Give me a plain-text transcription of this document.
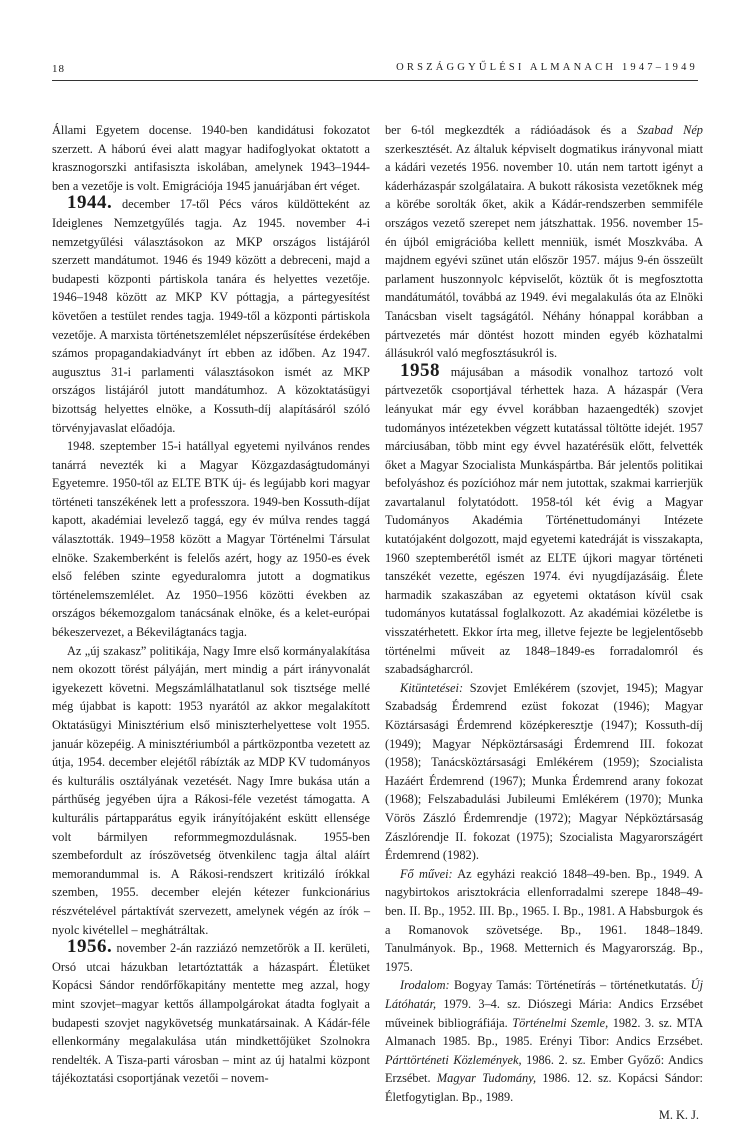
18	ORSZÁGGYŰLÉSI ALMANACH 1947–1949

Állami Egyetem docense. 1940-ben kandidátusi fokozatot szerzett. A háború évei alatt magyar hadifoglyokat oktatott a krasznogorszki antifasiszta iskolában, amelynek 1943–1944-ben a vezetője is volt. Emigrációja 1945 januárjában ért véget.

1944. december 17-től Pécs város küldötteként az Ideiglenes Nemzetgyűlés tagja. Az 1945. november 4-i nemzetgyűlési választásokon az MKP országos listájáról szerzett mandátumot. 1946 és 1949 között a debreceni, majd a budapesti központi pártiskola tanára és helyettes vezetője. 1946–1948 között az MKP KV póttagja, a pártegyesítést követően a testület rendes tagja. 1949-től a központi pártiskola vezetője. A marxista történetszemlélet népszerűsítése érdekében számos propagandakiadványt írt ebben az időben. Az 1947. augusztus 31-i parlamenti választásokon ismét az MKP országos listájáról jutott mandátumhoz. A közoktatásügyi bizottság helyettes elnöke, a Kossuth-díj alapításáról szóló törvényjavaslat előadója.

1948. szeptember 15-i hatállyal egyetemi nyilvános rendes tanárrá nevezték ki a Magyar Közgazdaságtudományi Egyetemre. 1950-től az ELTE BTK új- és legújabb kori magyar történeti tanszékének lett a professzora. 1949-ben Kossuth-díjat kapott, akadémiai levelező taggá, egy év múlva rendes taggá választották. 1949–1958 között a Magyar Történelmi Társulat elnöke. Szakemberként is felelős azért, hogy az 1950-es évek első felében szinte egyeduralomra jutott a dogmatikus történelemszemlélet. Az 1950–1956 közötti években az országos békemozgalom tanácsának elnöke, és a kelet-európai békeszervezet, a Békevilágtanács tagja.

Az „új szakasz” politikája, Nagy Imre első kormányalakítása nem okozott törést pályáján, mert mindig a párt irányvonalát igyekezett követni. Megszámlálhatatlanul sok tisztsége mellé még újabbat is kapott: 1953 nyarától az akkor megalakított Oktatásügyi Minisztérium első miniszterhelyettese volt 1955. január közepéig. A minisztériumból a pártközpontba vezetett az útja, 1954. december elejétől rábízták az MDP KV tudományos és kulturális osztályának vezetését. Nagy Imre bukása után a párthűség jegyében újra a Rákosi-féle vezetést támogatta. A kulturális pártapparátus egyik irányítójaként eskütt ellensége volt bármilyen reformmegmozdulásnak. 1955-ben szembefordult az írószövetség ötvenkilenc tagja által aláírt memorandummal is. A Rákosi-rendszert kritizáló írókkal szemben, 1955. december elején kétezer funkcionárius részvételével pártaktívát szervezett, amelynek végén az írók – nyolc kivétellel – meghátráltak.

1956. november 2-án razziázó nemzetőrök a II. kerületi, Orsó utcai házukban letartóztatták a házaspárt. Életüket Kopácsi Sándor rendőrfőkapitány mentette meg azzal, hogy mint szovjet–magyar kettős állampolgárokat átadta foglyait a budapesti szovjet nagykövetség munkatársainak. A Kádár-féle ellenkormány megalakulása után mindkettőjüket Szolnokra rendelték. A Tisza-parti városban – mint az új hatalmi központ tájékoztatási csoportjának vezetői – novem-

ber 6-tól megkezdték a rádióadások és a Szabad Nép szerkesztését. Az általuk képviselt dogmatikus irányvonal miatt a kádári vezetés 1956. november 10. után nem tartott igényt a káderházaspár szolgálataira. A bukott rákosista vezetőknek még a körébe sorolták őket, akik a Kádár-rendszerben semmiféle országos vezető szerepet nem játszhattak. 1956. november 15-én újból emigrációba kellett menniük, ismét Moszkvába. A majdnem egyévi szünet után először 1957. május 9-én összeült parlament huszonnyolc képviselőt, köztük őt is megfosztotta mandátumától, továbbá az 1949. évi megalakulás óta az Elnöki Tanácsban viselt tagságától. Néhány hónappal korábban a pártvezetés már döntést hozott minden egyéb közhatalmi állásukról való megfosztásukról is.

1958 májusában a második vonalhoz tartozó volt pártvezetők csoportjával térhettek haza. A házaspár (Vera leányukat már egy évvel korábban hazaengedték) szovjet tudományos intézetekben végzett kutatással töltötte idejét. 1957 márciusában, több mint egy évvel hazatérésük előtt, felvették őket a Magyar Szocialista Munkáspártba. Bár jelentős politikai befolyáshoz és pozícióhoz már nem jutottak, szakmai karrierjük zavartalanul folytatódott. 1958-tól két évig a Magyar Tudományos Akadémia Történettudományi Intézete kutatójaként dolgozott, majd egyetemi katedráját is visszakapta, 1960 szeptemberétől ismét az ELTE újkori magyar történeti tanszékét vezette, egészen 1974. évi nyugdíjazásáig. Élete harmadik szakaszában az egyetemi oktatáson kívül csak tudományos kutatással foglalkozott. Az akadémiai közéletbe is visszatérhetett. Ekkor írta meg, illetve fejezte be legjelentősebb történelmi műveit az 1848–1849-es forradalomról és szabadságharcról.

Kitüntetései: Szovjet Emlékérem (szovjet, 1945); Magyar Szabadság Érdemrend ezüst fokozat (1946); Magyar Köztársasági Érdemrend középkeresztje (1947); Kossuth-díj (1949); Magyar Népköztársasági Érdemrend III. fokozat (1958); Tanácsköztársasági Emlékérem (1959); Szocialista Hazáért Érdemrend (1967); Munka Érdemrend arany fokozat (1968); Felszabadulási Jubileumi Emlékérem (1970); Munka Vörös Zászló Érdemrendje (1972); Magyar Népköztársaság Zászlórendje II. fokozat (1975); Szocialista Magyarországért Érdemrend (1982).

Fő művei: Az egyházi reakció 1848–49-ben. Bp., 1949. A nagybirtokos arisztokrácia ellenforradalmi szerepe 1848–49-ben. II. Bp., 1952. III. Bp., 1965. I. Bp., 1981. A Habsburgok és a Romanovok szövetsége. Bp., 1961. 1848–1849. Tanulmányok. Bp., 1968. Metternich és Magyarország. Bp., 1975.

Irodalom: Bogyay Tamás: Történetírás – történetkutatás. Új Látóhatár, 1979. 3–4. sz. Diószegi Mária: Andics Erzsébet műveinek bibliográfiája. Történelmi Szemle, 1982. 3. sz. MTA Almanach 1985. Bp., 1985. Erényi Tibor: Andics Erzsébet. Párttörténeti Közlemények, 1986. 2. sz. Ember Győző: Andics Erzsébet. Magyar Tudomány, 1986. 12. sz. Kopácsi Sándor: Életfogytiglan. Bp., 1989.

M. K. J.
